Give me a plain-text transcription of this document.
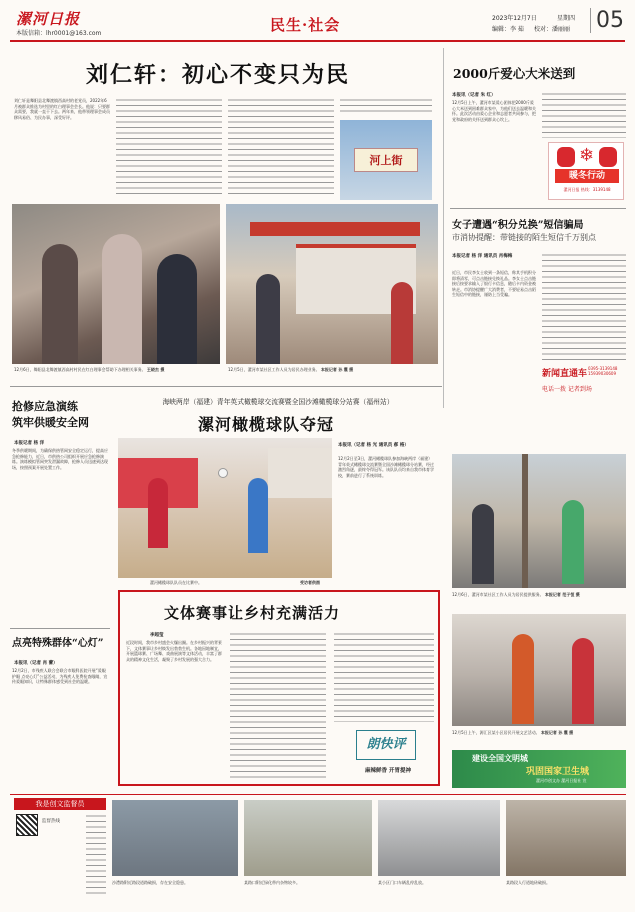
漯河日报
本版信箱：lhr0001@163.com	民生·社会	2023年12月7日	星期四
编辑：李 茹 校对：潘丽丽 05
刘仁轩：初心不变只为民
刘仁轩是舞阳县北舞渡镇西高村的老党员，2022年6月被群众推选为村里的红白理事会会长。他说：只要群众需要，我就一直干下去。两年来，他带领理事会成员移风易俗、为民办事，深受好评。
河上街
12月6日，舞阳县北舞渡镇西高村村民在红白理事会帮助下办理相关事务。 王晓杰 摄	12月5日，漯河市某社区工作人员为居民办理业务。 本报记者 孙 震 摄
2000斤爱心大米送到
本报讯（记者 朱 红）
12月5日上午，漯河市某爱心团体把2000斤爱心大米送到困难群众家中，为他们送去温暖和关怀。此次活动由爱心企业和志愿者共同参与，把党和政府的关怀送到群众心坎上。
❄
暖冬行动
漯河日报 热线：3139148
女子遭遇“积分兑换”短信骗局
市消协提醒：带链接的陌生短信千万别点
本报记者 杨 洋 通讯员 肖梅梅
近日，市民李女士收到一条短信，称其手机积分即将清零，可点击链接兑换礼品。李女士点击链接后按要求输入了银行卡信息，随后卡内资金被转走。市消协提醒广大消费者，不要轻易点击陌生短信中的链接，谨防上当受骗。
新闻直通车
0395-3139148 15939030609
电话一拨 记者到场
抢修应急演练
筑牢供暖安全网
本报记者 杨 洋
冬季供暖期间，为确保供热管网安全稳定运行，提高应急抢修能力，近日，市供热公司组织开展应急抢修演练。演练模拟管网突发泄漏故障，抢修人员迅速到达现场，按照预案开展处置工作。
点亮特殊群体“心灯”
本报讯（记者 肖 蕾）
12月2日，市残疾人联合会联合市眼科医院开展“爱眼护眼 点亮心灯”公益活动，为残疾人免费检查眼睛，宣传爱眼知识，让特殊群体感受到社会的温暖。
海峡两岸（福建）青年英式橄榄球交流赛暨全国沙滩橄榄球分站赛（福州站）
漯河橄榄球队夺冠
漯河橄榄球队队员在比赛中。	受访者供图
本报讯（记者 杨 光 通讯员 郝 格）
12月2日至3日，漯河橄榄球队参加海峡两岸（福建）青年英式橄榄球交流赛暨全国沙滩橄榄球分站赛，经过激烈角逐，最终夺得冠军。该队队员均来自我市体育学校，赛前进行了系统训练。
文体赛事让乡村充满活力
李超莹
近段时间，我市乡村盛会火爆出圈。在乡村振兴的背景下，文体赛事让乡村焕发出勃勃生机。各地因地制宜，开展篮球赛、广场舞、戏曲展演等文体活动，丰富了群众的精神文化生活，凝聚了乡村发展的强大合力。
朗快评
麻辣鲜香 开胃提神
12月6日，漯河市某社区工作人员为居民提供服务。 本报记者 范子恒 摄
12月5日上午，源汇区某小区居民开展文艺活动。 本报记者 孙 震 摄
建设全国文明城
巩固国家卫生城
漯河市创文办 漯河日报社 宣
我是创文监督员
监督热线
沙澧路附近路段道路破损，存在安全隐患。	某路口附近绿化带内杂物较多。	某小区门口车辆乱停乱放。	某路段人行道地砖破损。
